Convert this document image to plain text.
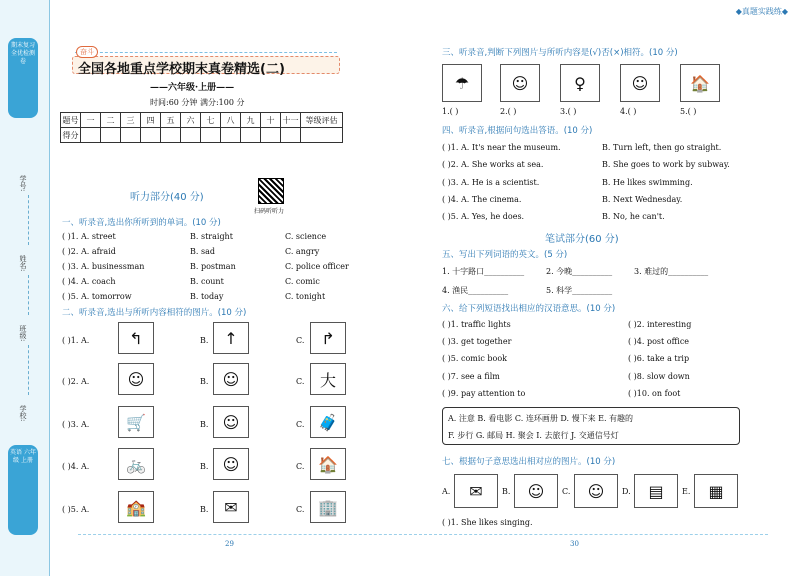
期末复习 全优检测卷
学号:
姓名:
班级:
学校:
英语 六年级 上册
◆真题实践练◆
奋斗
全国各地重点学校期末真卷精选(二)
——六年级·上册——
时间:60 分钟 满分:100 分
题号	一	二	三	四	五	六	七	八	九	十	十一	等级评估
得分												
听力部分(40 分)
扫码听听力
一、听录音,选出你所听到的单词。(10 分)
( )1. A. street	B. straight	C. science
( )2. A. afraid	B. sad	C. angry
( )3. A. businessman	B. postman	C. police officer
( )4. A. coach	B. count	C. comic
( )5. A. tomorrow	B. today	C. tonight
二、听录音,选出与所听内容相符的图片。(10 分)
( )1. A.	↰	B. ↑	C.	↱
( )2. A.	☺	B. ☺	C. 大
( )3. A.	🛒	B. ☺	C. 🧳
( )4. A.	🚲	B. ☺	C. 🏠
( )5. A.	🏫	B. ✉	C. 🏢
29
三、听录音,判断下列图片与所听内容是(√)否(×)相符。(10 分)
☂	☺	♀	☺	🏠
1.( )	2.( )	3.( )	4.( )	5.( )
四、听录音,根据问句选出答语。(10 分)
( )1. A. It's near the museum.	B. Turn left, then go straight.
( )2. A. She works at sea.	B. She goes to work by subway.
( )3. A. He is a scientist.	B. He likes swimming.
( )4. A. The cinema.	B. Next Wednesday.
( )5. A. Yes, he does.	B. No, he can't.
笔试部分(60 分)
五、写出下列词语的英文。(5 分)
1. 十字路口__________	2. 今晚__________	3. 难过的__________
4. 渔民__________	5. 科学__________
六、给下列短语找出相应的汉语意思。(10 分)
( )1. traffic lights	( )2. interesting
( )3. get together	( )4. post office
( )5. comic book	( )6. take a trip
( )7. see a film	( )8. slow down
( )9. pay attention to	( )10. on foot
A. 注意 B. 看电影 C. 连环画册 D. 慢下来 E. 有趣的
F. 步行 G. 邮局 H. 聚会 I. 去旅行 J. 交通信号灯
七、根据句子意思选出相对应的图片。(10 分)
A.	✉	B.	☺	C.	☺	D.	▤	E.	▦
( )1. She likes singing.
30
